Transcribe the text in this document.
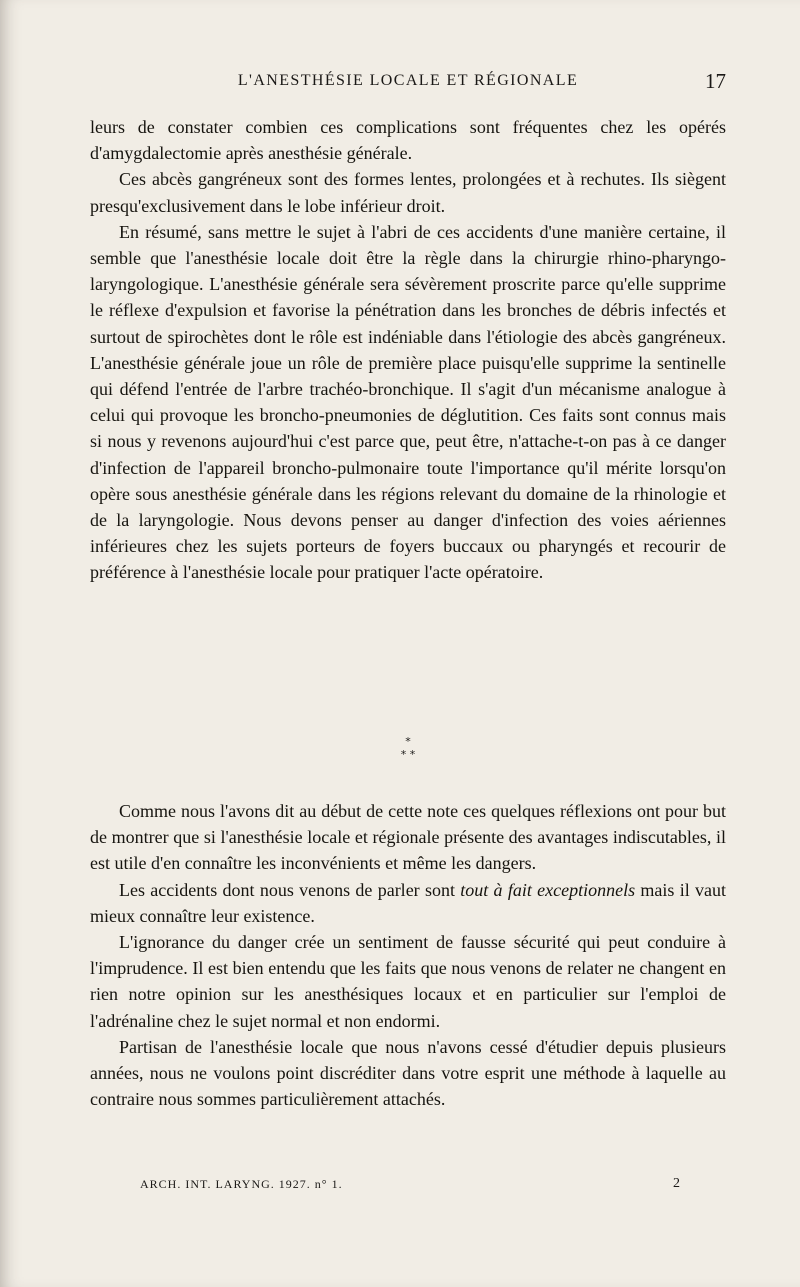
L'ANESTHÉSIE LOCALE ET RÉGIONALE	17

leurs de constater combien ces complications sont fréquentes chez les opérés d'amygdalectomie après anesthésie générale.

Ces abcès gangréneux sont des formes lentes, prolongées et à rechutes. Ils siègent presqu'exclusivement dans le lobe inférieur droit.

En résumé, sans mettre le sujet à l'abri de ces accidents d'une manière certaine, il semble que l'anesthésie locale doit être la règle dans la chirurgie rhino-pharyngo-laryngologique. L'anesthésie générale sera sévèrement proscrite parce qu'elle supprime le réflexe d'expulsion et favorise la pénétration dans les bronches de débris infectés et surtout de spirochètes dont le rôle est indéniable dans l'étiologie des abcès gangréneux. L'anesthésie générale joue un rôle de première place puisqu'elle supprime la sentinelle qui défend l'entrée de l'arbre trachéo-bronchique. Il s'agit d'un mécanisme analogue à celui qui provoque les broncho-pneumonies de déglutition. Ces faits sont connus mais si nous y revenons aujourd'hui c'est parce que, peut être, n'attache-t-on pas à ce danger d'infection de l'appareil broncho-pulmonaire toute l'importance qu'il mérite lorsqu'on opère sous anesthésie générale dans les régions relevant du domaine de la rhinologie et de la laryngologie. Nous devons penser au danger d'infection des voies aériennes inférieures chez les sujets porteurs de foyers buccaux ou pharyngés et recourir de préférence à l'anesthésie locale pour pratiquer l'acte opératoire.

*
* *

Comme nous l'avons dit au début de cette note ces quelques réflexions ont pour but de montrer que si l'anesthésie locale et régionale présente des avantages indiscutables, il est utile d'en connaître les inconvénients et même les dangers.

Les accidents dont nous venons de parler sont tout à fait exceptionnels mais il vaut mieux connaître leur existence.

L'ignorance du danger crée un sentiment de fausse sécurité qui peut conduire à l'imprudence. Il est bien entendu que les faits que nous venons de relater ne changent en rien notre opinion sur les anesthésiques locaux et en particulier sur l'emploi de l'adrénaline chez le sujet normal et non endormi.

Partisan de l'anesthésie locale que nous n'avons cessé d'étudier depuis plusieurs années, nous ne voulons point discréditer dans votre esprit une méthode à laquelle au contraire nous sommes particulièrement attachés.

ARCH. INT. LARYNG. 1927. n° 1.	2
